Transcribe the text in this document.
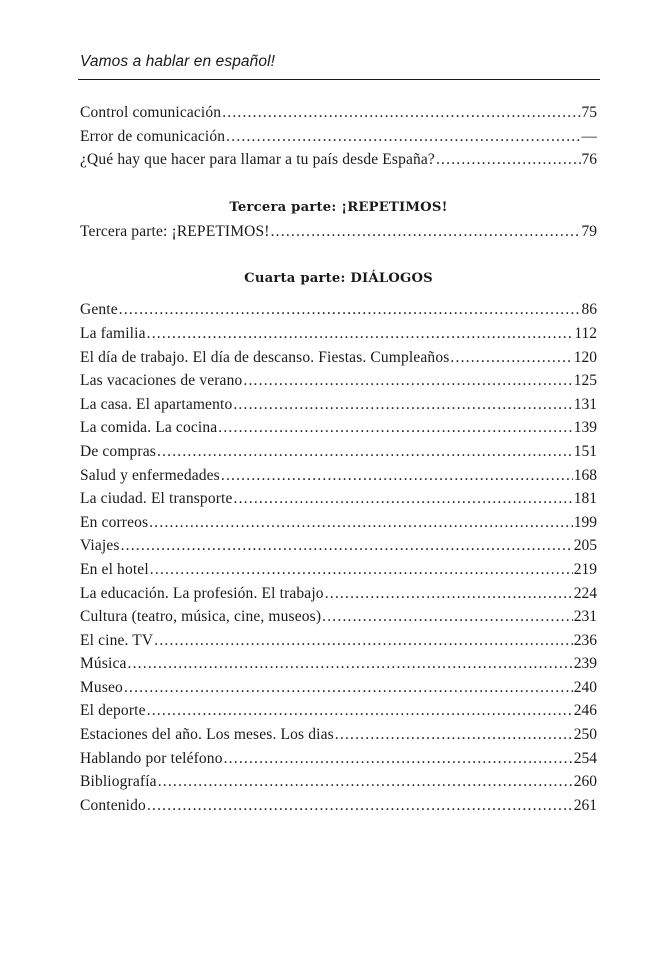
Vamos a hablar en español!
Control comunicación .....	75
Error de comunicación .....	—
¿Qué hay que hacer para llamar a tu país desde España? .....	76
Tercera parte: ¡REPETIMOS!
Tercera parte: ¡REPETIMOS! .....	79
Cuarta parte: DIÁLOGOS
Gente .....	86
La familia .....	112
El día de trabajo. El día de descanso. Fiestas. Cumpleaños .....	120
Las vacaciones de verano .....	125
La casa. El apartamento .....	131
La comida. La cocina .....	139
De compras .....	151
Salud y enfermedades .....	168
La ciudad. El transporte .....	181
En correos .....	199
Viajes .....	205
En el hotel .....	219
La educación. La profesión. El trabajo .....	224
Cultura (teatro, música, cine, museos) .....	231
El cine. TV .....	236
Música .....	239
Museo .....	240
El deporte .....	246
Estaciones del año. Los meses. Los dias .....	250
Hablando por teléfono .....	254
Bibliografía .....	260
Contenido .....	261
